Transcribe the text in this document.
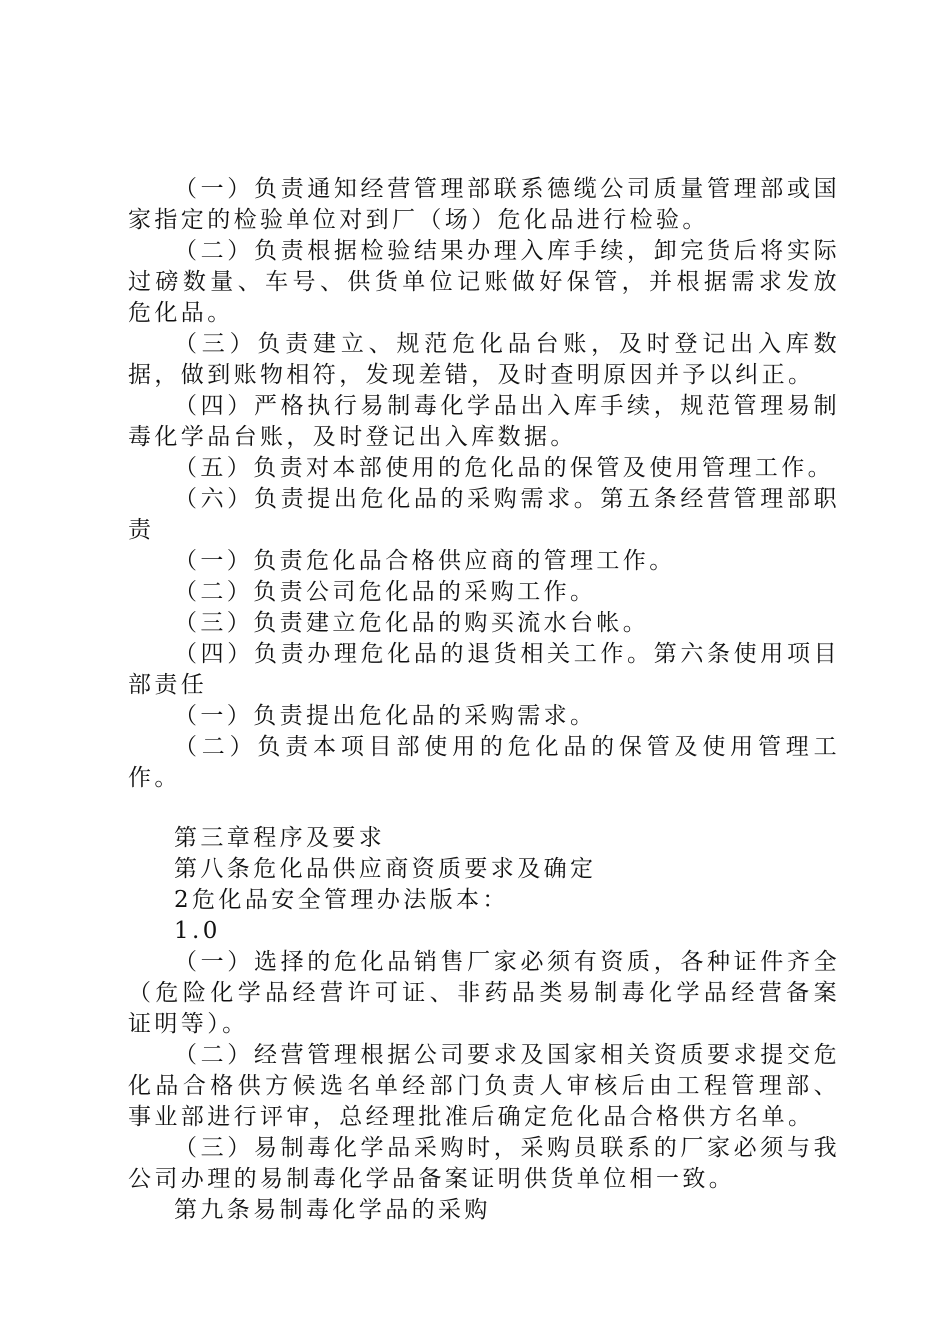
（一）负责通知经营管理部联系德缆公司质量管理部或国家指定的检验单位对到厂（场）危化品进行检验。

（二）负责根据检验结果办理入库手续，卸完货后将实际过磅数量、车号、供货单位记账做好保管，并根据需求发放危化品。

（三）负责建立、规范危化品台账，及时登记出入库数据，做到账物相符，发现差错，及时查明原因并予以纠正。

（四）严格执行易制毒化学品出入库手续，规范管理易制毒化学品台账，及时登记出入库数据。

（五）负责对本部使用的危化品的保管及使用管理工作。

（六）负责提出危化品的采购需求。第五条经营管理部职责

（一）负责危化品合格供应商的管理工作。

（二）负责公司危化品的采购工作。

（三）负责建立危化品的购买流水台帐。

（四）负责办理危化品的退货相关工作。第六条使用项目部责任

（一）负责提出危化品的采购需求。

（二）负责本项目部使用的危化品的保管及使用管理工作。

第三章程序及要求

第八条危化品供应商资质要求及确定

2危化品安全管理办法版本：

1.0

（一）选择的危化品销售厂家必须有资质，各种证件齐全（危险化学品经营许可证、非药品类易制毒化学品经营备案证明等）。

（二）经营管理根据公司要求及国家相关资质要求提交危化品合格供方候选名单经部门负责人审核后由工程管理部、事业部进行评审，总经理批准后确定危化品合格供方名单。

（三）易制毒化学品采购时，采购员联系的厂家必须与我公司办理的易制毒化学品备案证明供货单位相一致。

第九条易制毒化学品的采购
